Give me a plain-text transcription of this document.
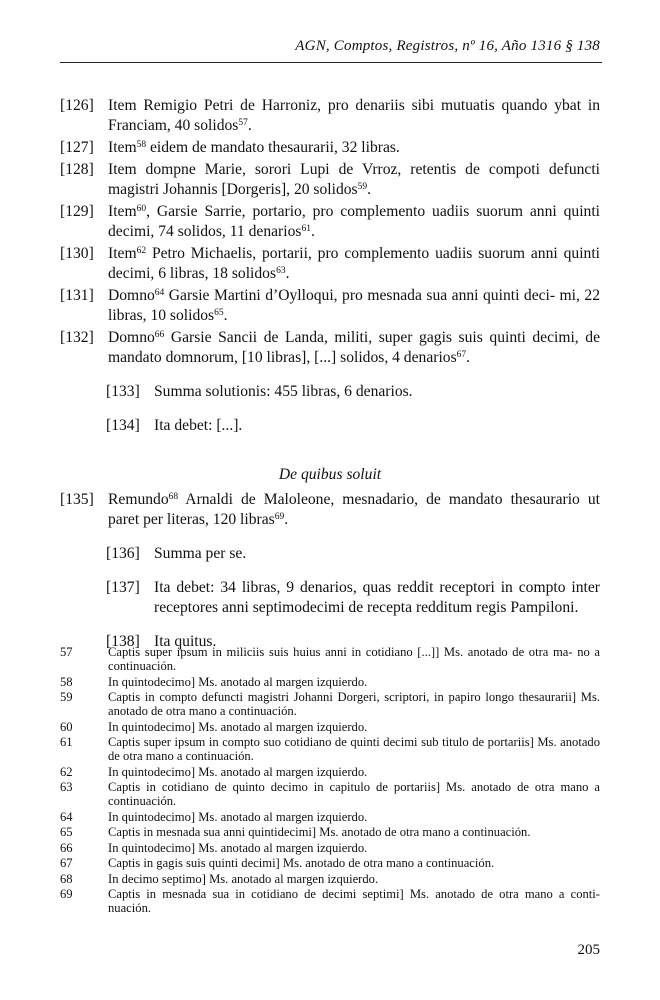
AGN, Comptos, Registros, nº 16, Año 1316 § 138
[126] Item Remigio Petri de Harroniz, pro denariis sibi mutuatis quando ybat in Franciam, 40 solidos$^{57}$.
[127] Item$^{58}$ eidem de mandato thesaurarii, 32 libras.
[128] Item dompne Marie, sorori Lupi de Vrroz, retentis de compoti defuncti magistri Johannis [Dorgeris], 20 solidos$^{59}$.
[129] Item$^{60}$, Garsie Sarrie, portario, pro complemento uadiis suorum anni quinti decimi, 74 solidos, 11 denarios$^{61}$.
[130] Item$^{62}$ Petro Michaelis, portarii, pro complemento uadiis suorum anni quinti decimi, 6 libras, 18 solidos$^{63}$.
[131] Domno$^{64}$ Garsie Martini d’Oylloqui, pro mesnada sua anni quinti deci- mi, 22 libras, 10 solidos$^{65}$.
[132] Domno$^{66}$ Garsie Sancii de Landa, militi, super gagis suis quinti decimi, de mandato domnorum, [10 libras], [...] solidos, 4 denarios$^{67}$.
[133] Summa solutionis: 455 libras, 6 denarios.
[134] Ita debet: [...].
De quibus soluit
[135] Remundo$^{68}$ Arnaldi de Maloleone, mesnadario, de mandato thesaurario ut paret per literas, 120 libras$^{69}$.
[136] Summa per se.
[137] Ita debet: 34 libras, 9 denarios, quas reddit receptori in compto inter receptores anni septimodecimi de recepta redditum regis Pampiloni.
[138] Ita quitus.
57	Captis super ipsum in miliciis suis huius anni in cotidiano [...]] Ms. anotado de otra ma- no a continuación.
58	In quintodecimo] Ms. anotado al margen izquierdo.
59	Captis in compto defuncti magistri Johanni Dorgeri, scriptori, in papiro longo thesaurarii] Ms. anotado de otra mano a continuación.
60	In quintodecimo] Ms. anotado al margen izquierdo.
61	Captis super ipsum in compto suo cotidiano de quinti decimi sub titulo de portariis] Ms. anotado de otra mano a continuación.
62	In quintodecimo] Ms. anotado al margen izquierdo.
63	Captis in cotidiano de quinto decimo in capitulo de portariis] Ms. anotado de otra mano a continuación.
64	In quintodecimo] Ms. anotado al margen izquierdo.
65	Captis in mesnada sua anni quintidecimi] Ms. anotado de otra mano a continuación.
66	In quintodecimo] Ms. anotado al margen izquierdo.
67	Captis in gagis suis quinti decimi] Ms. anotado de otra mano a continuación.
68	In decimo septimo] Ms. anotado al margen izquierdo.
69	Captis in mesnada sua in cotidiano de decimi septimi] Ms. anotado de otra mano a conti- nuación.
205
